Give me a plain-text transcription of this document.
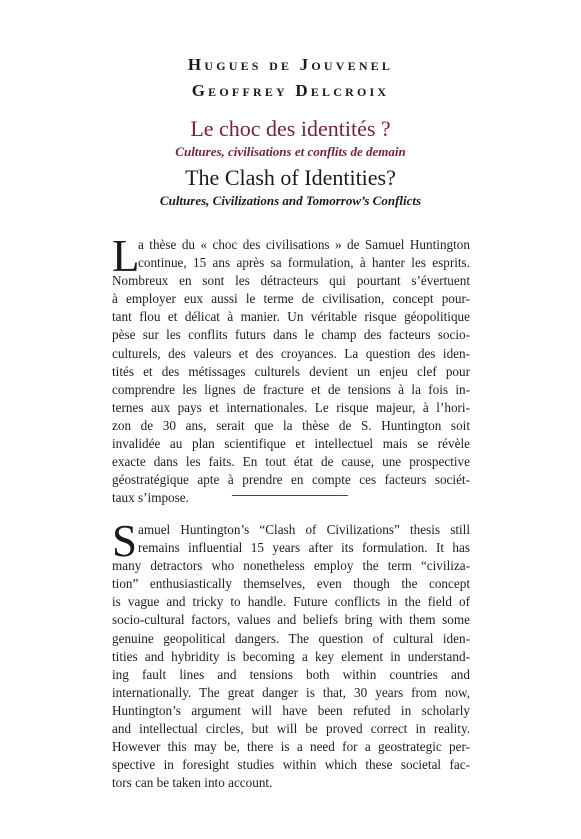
Hugues de Jouvenel
Geoffrey Delcroix
Le choc des identités ?
Cultures, civilisations et conflits de demain
The Clash of Identities?
Cultures, Civilizations and Tomorrow’s Conflicts
L
a thèse du « choc des civilisations » de Samuel Huntington
continue, 15 ans après sa formulation, à hanter les esprits.
Nombreux en sont les détracteurs qui pourtant s’évertuent
à employer eux aussi le terme de civilisation, concept pour-
tant flou et délicat à manier. Un véritable risque géopolitique
pèse sur les conflits futurs dans le champ des facteurs socio-
culturels, des valeurs et des croyances. La question des iden-
tités et des métissages culturels devient un enjeu clef pour
comprendre les lignes de fracture et de tensions à la fois in-
ternes aux pays et internationales. Le risque majeur, à l’hori-
zon de 30 ans, serait que la thèse de S. Huntington soit
invalidée au plan scientifique et intellectuel mais se révèle
exacte dans les faits. En tout état de cause, une prospective
géostratégique apte à prendre en compte ces facteurs sociét-
taux s’impose.
S amuel Huntington’s “Clash of Civilizations” thesis still
remains influential 15 years after its formulation. It has
many detractors who nonetheless employ the term “civiliza-
tion” enthusiastically themselves, even though the concept
is vague and tricky to handle. Future conflicts in the field of
socio-cultural factors, values and beliefs bring with them some
genuine geopolitical dangers. The question of cultural iden-
tities and hybridity is becoming a key element in understand-
ing fault lines and tensions both within countries and
internationally. The great danger is that, 30 years from now,
Huntington’s argument will have been refuted in scholarly
and intellectual circles, but will be proved correct in reality.
However this may be, there is a need for a geostrategic per-
spective in foresight studies within which these societal fac-
tors can be taken into account.
